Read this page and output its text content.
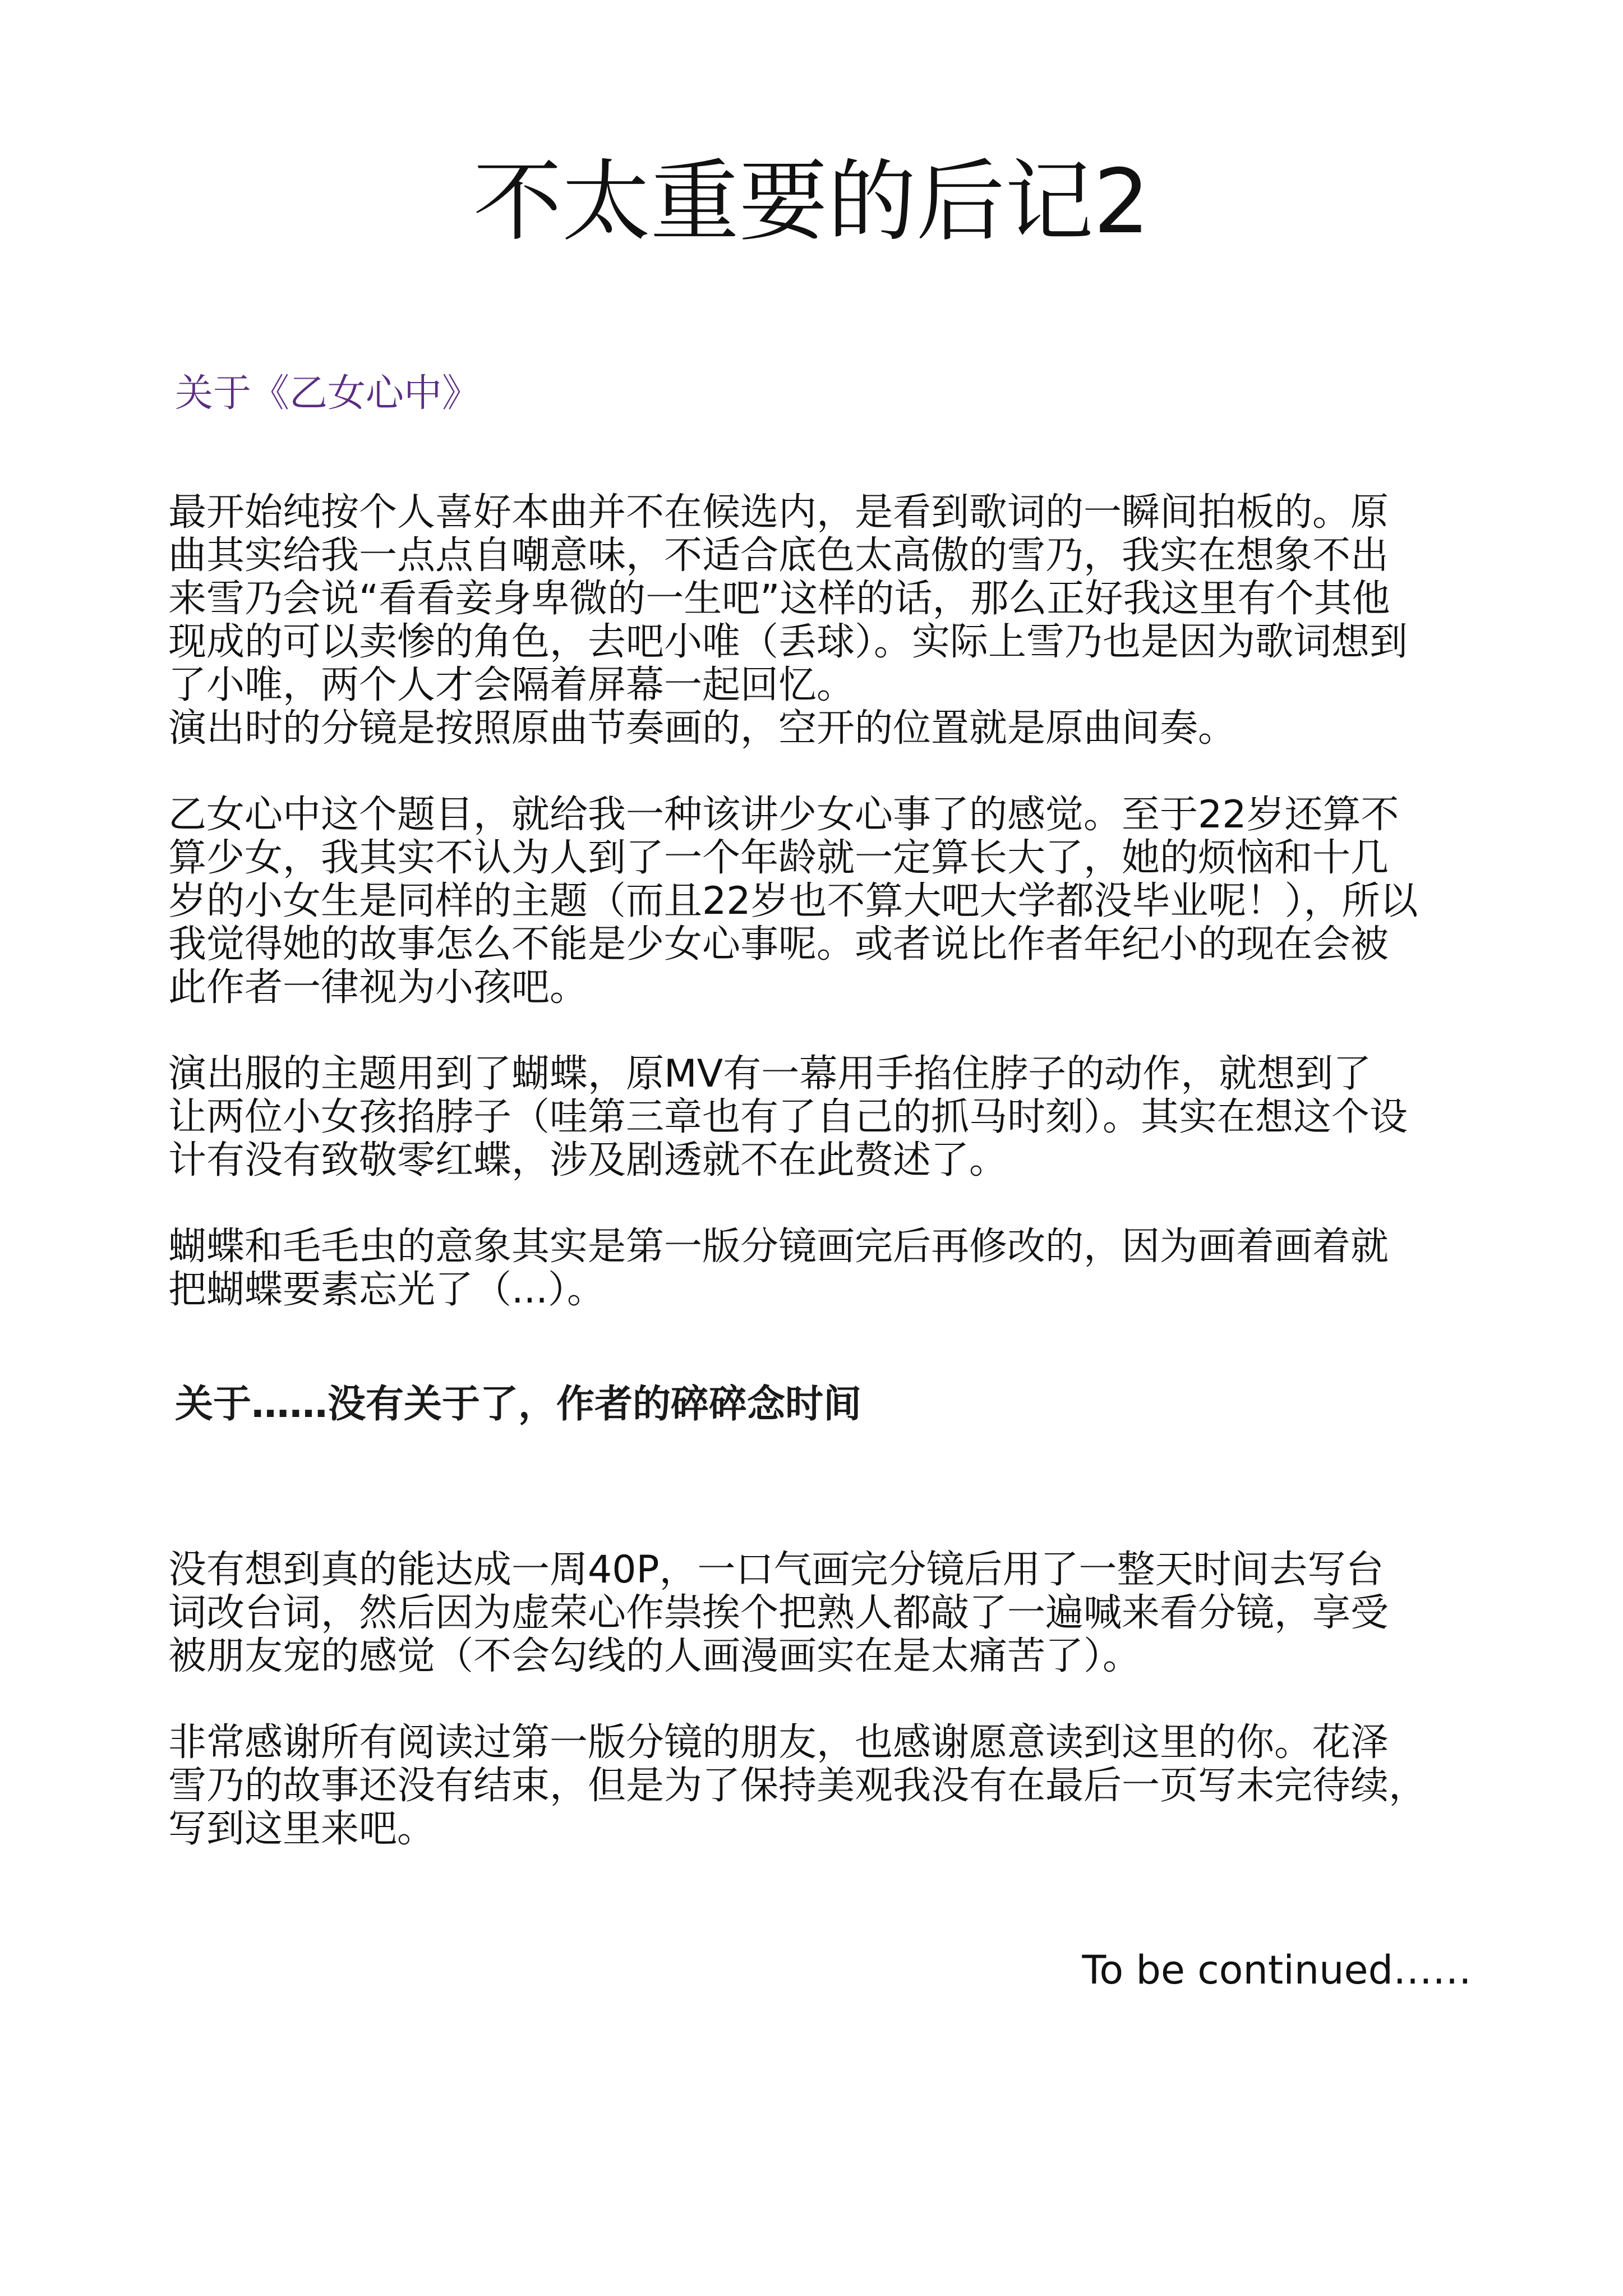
不太重要的后记2
关于《乙女心中》

最开始纯按个人喜好本曲并不在候选内，是看到歌词的一瞬间拍板的。原
曲其实给我一点点自嘲意味，不适合底色太高傲的雪乃，我实在想象不出
来雪乃会说“看看妾身卑微的一生吧”这样的话，那么正好我这里有个其他
现成的可以卖惨的角色，去吧小唯（丢球）。实际上雪乃也是因为歌词想到
了小唯，两个人才会隔着屏幕一起回忆。
演出时的分镜是按照原曲节奏画的，空开的位置就是原曲间奏。

乙女心中这个题目，就给我一种该讲少女心事了的感觉。至于22岁还算不
算少女，我其实不认为人到了一个年龄就一定算长大了，她的烦恼和十几
岁的小女生是同样的主题（而且22岁也不算大吧大学都没毕业呢！），所以
我觉得她的故事怎么不能是少女心事呢。或者说比作者年纪小的现在会被
此作者一律视为小孩吧。

演出服的主题用到了蝴蝶，原MV有一幕用手掐住脖子的动作，就想到了
让两位小女孩掐脖子（哇第三章也有了自己的抓马时刻）。其实在想这个设
计有没有致敬零红蝶，涉及剧透就不在此赘述了。

蝴蝶和毛毛虫的意象其实是第一版分镜画完后再修改的，因为画着画着就
把蝴蝶要素忘光了（...）。

关于……没有关于了，作者的碎碎念时间

没有想到真的能达成一周40P，一口气画完分镜后用了一整天时间去写台
词改台词，然后因为虚荣心作祟挨个把熟人都敲了一遍喊来看分镜，享受
被朋友宠的感觉（不会勾线的人画漫画实在是太痛苦了）。

非常感谢所有阅读过第一版分镜的朋友，也感谢愿意读到这里的你。花泽
雪乃的故事还没有结束，但是为了保持美观我没有在最后一页写未完待续，
写到这里来吧。

To be continued……
